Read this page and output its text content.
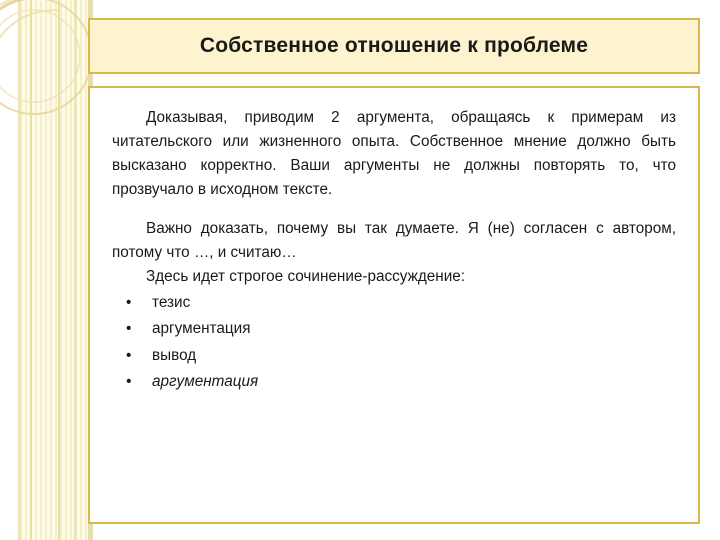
Собственное отношение к проблеме

Доказывая, приводим 2 аргумента, обращаясь к примерам из читательского или жизненного опыта. Собственное мнение должно быть высказано корректно. Ваши аргументы не должны повторять то, что прозвучало в исходном тексте.

Важно доказать, почему вы так думаете. Я (не) согласен с автором, потому что …, и считаю…

Здесь идет строгое сочинение-рассуждение:

• тезис
• аргументация
• вывод
• аргументация
